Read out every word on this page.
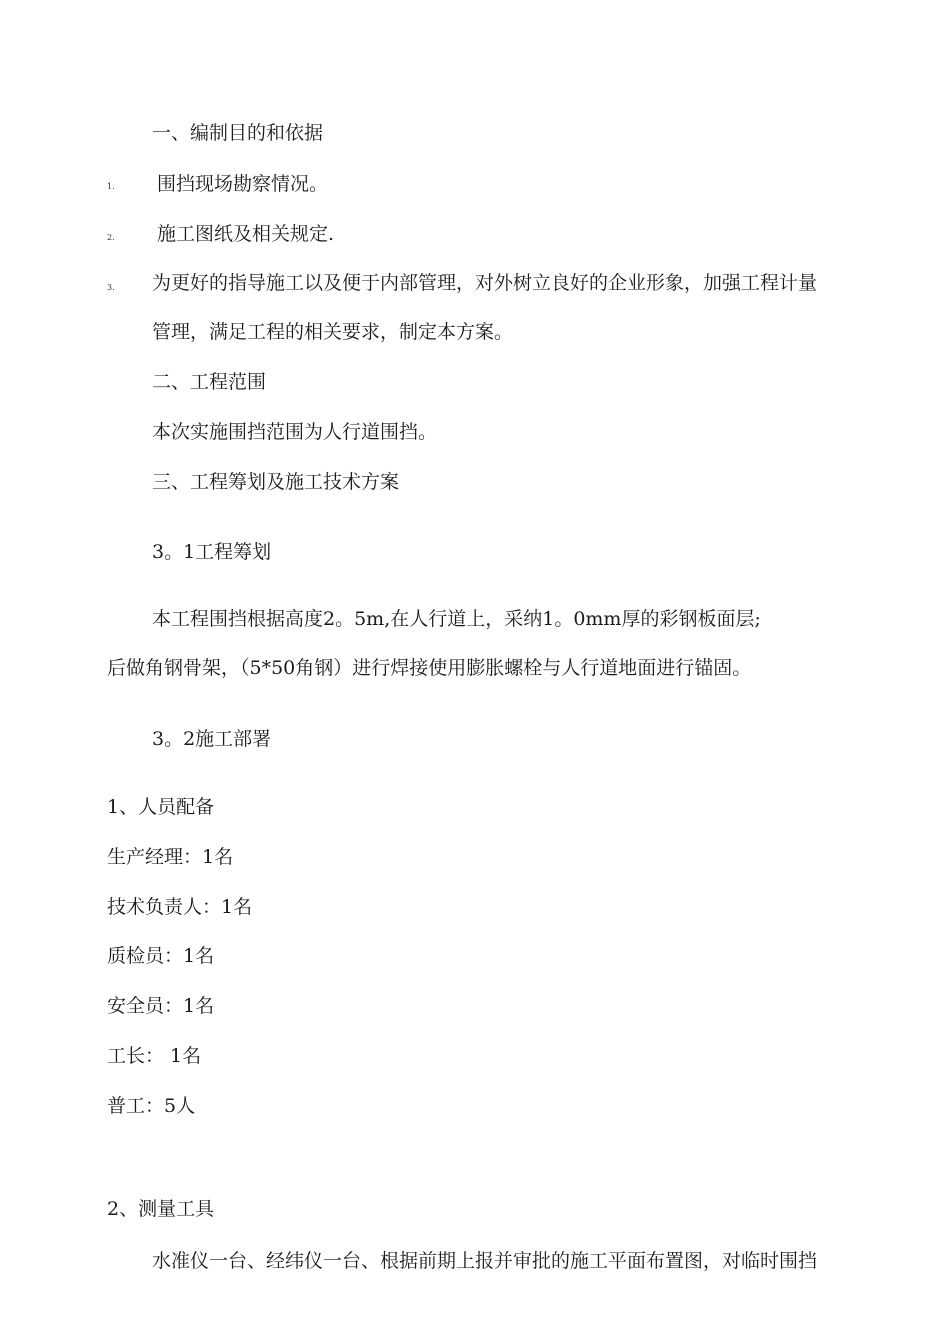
一、编制目的和依据
1. 围挡现场勘察情况。
2. 施工图纸及相关规定.
3. 为更好的指导施工以及便于内部管理，对外树立良好的企业形象，加强工程计量
管理，满足工程的相关要求，制定本方案。
二、工程范围
本次实施围挡范围为人行道围挡。
三、工程筹划及施工技术方案
3。1工程筹划
本工程围挡根据高度2。5m,在人行道上，采纳1。0mm厚的彩钢板面层;
后做角钢骨架，（5*50角钢）进行焊接使用膨胀螺栓与人行道地面进行锚固。
3。2施工部署
1、人员配备
生产经理：1名
技术负责人：1名
质检员：1名
安全员：1名
工长： 1名
普工：5人
2、测量工具
水准仪一台、经纬仪一台、根据前期上报并审批的施工平面布置图，对临时围挡
